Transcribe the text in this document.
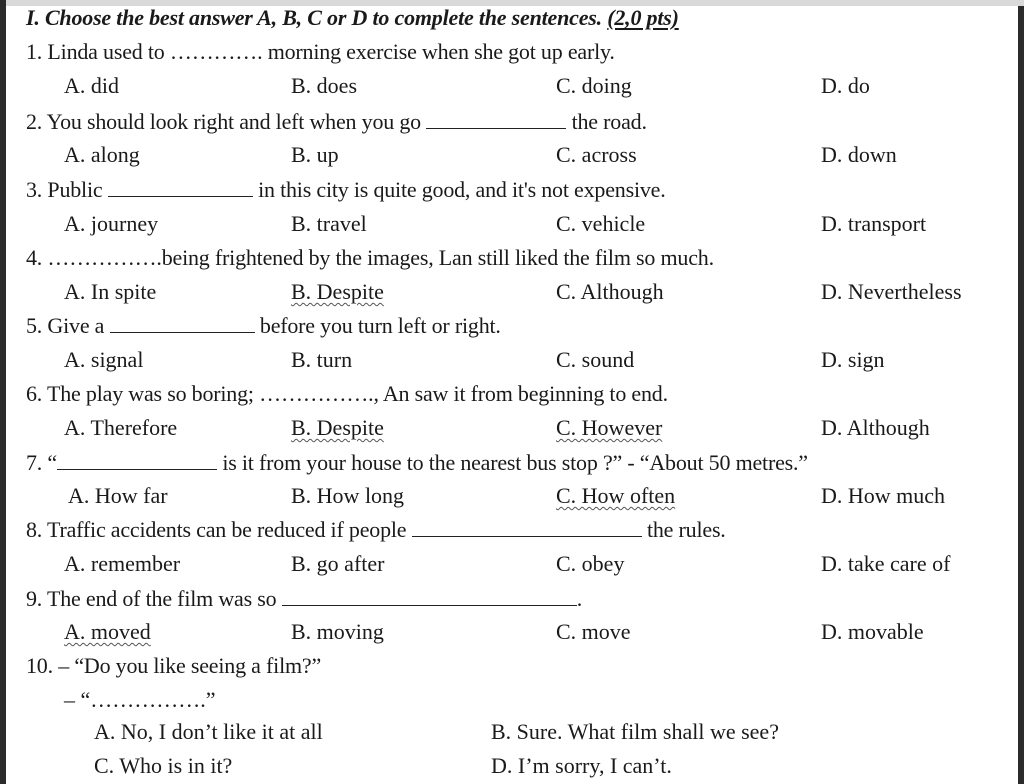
I. Choose the best answer A, B, C or D to complete the sentences. (2,0 pts)
1. Linda used to …………. morning exercise when she got up early.
A. did	B. does	C. doing	D. do
2. You should look right and left when you go	the road.
A. along	B. up	C. across	D. down
3. Public	in this city is quite good, and it's not expensive.
A. journey	B. travel	C. vehicle	D. transport
4. …………….being frightened by the images, Lan still liked the film so much.
A. In spite	B. Despite	C. Although	D. Nevertheless
5. Give a	before you turn left or right.
A. signal	B. turn	C. sound	D. sign
6. The play was so boring; ……………., An saw it from beginning to end.
A. Therefore	B. Despite	C. However	D. Although
7. “	is it from your house to the nearest bus stop ?” - “About 50 metres.”
A. How far	B. How long	C. How often	D. How much
8. Traffic accidents can be reduced if people	the rules.
A. remember	B. go after	C. obey	D. take care of
9. The end of the film was so	.
A. moved	B. moving	C. move	D. movable
10. – “Do you like seeing a film?”
– “…………….”
A. No, I don’t like it at all	B. Sure. What film shall we see?
C. Who is in it?	D. I’m sorry, I can’t.
